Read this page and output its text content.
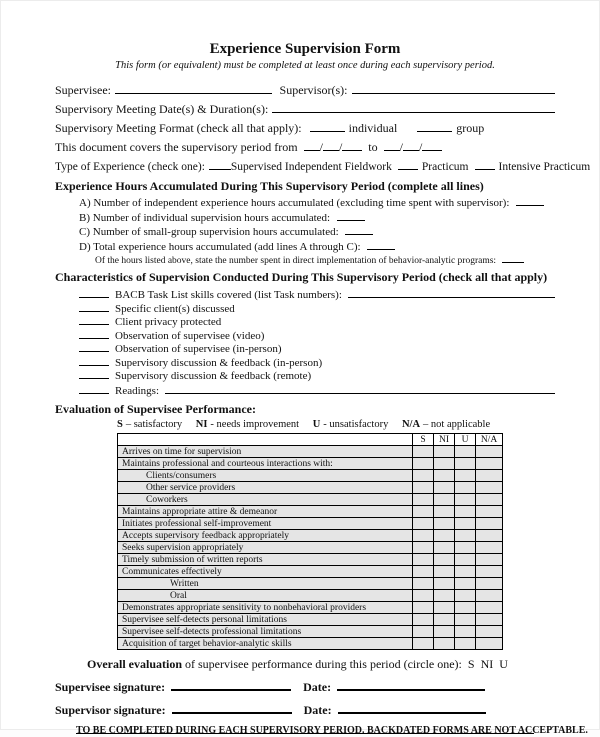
Experience Supervision Form
This form (or equivalent) must be completed at least once during each supervisory period.
Supervisee:	Supervisor(s):
Supervisory Meeting Date(s) & Duration(s):
Supervisory Meeting Format (check all that apply):	individual	group
This document covers the supervisory period from / / to / /
Type of Experience (check one): Supervised Independent Fieldwork	Practicum	Intensive Practicum
Experience Hours Accumulated During This Supervisory Period (complete all lines)
A) Number of independent experience hours accumulated (excluding time spent with supervisor):
B) Number of individual supervision hours accumulated:
C) Number of small-group supervision hours accumulated:
D) Total experience hours accumulated (add lines A through C):
Of the hours listed above, state the number spent in direct implementation of behavior-analytic programs:
Characteristics of Supervision Conducted During This Supervisory Period (check all that apply)
BACB Task List skills covered (list Task numbers):
Specific client(s) discussed
Client privacy protected
Observation of supervisee (video)
Observation of supervisee (in-person)
Supervisory discussion & feedback (in-person)
Supervisory discussion & feedback (remote)
Readings:
Evaluation of Supervisee Performance:
S – satisfactory NI - needs improvement U - unsatisfactory N/A – not applicable
	S	NI	U	N/A
Arrives on time for supervision				
Maintains professional and courteous interactions with:				
Clients/consumers				
Other service providers				
Coworkers				
Maintains appropriate attire & demeanor				
Initiates professional self-improvement				
Accepts supervisory feedback appropriately				
Seeks supervision appropriately				
Timely submission of written reports				
Communicates effectively				
Written				
Oral				
Demonstrates appropriate sensitivity to nonbehavioral providers				
Supervisee self-detects personal limitations				
Supervisee self-detects professional limitations				
Acquisition of target behavior-analytic skills				
Overall evaluation of supervisee performance during this period (circle one): S  NI  U
Supervisee signature:	Date:
Supervisor signature:	Date:
TO BE COMPLETED DURING EACH SUPERVISORY PERIOD. BACKDATED FORMS ARE NOT ACCEPTABLE.
